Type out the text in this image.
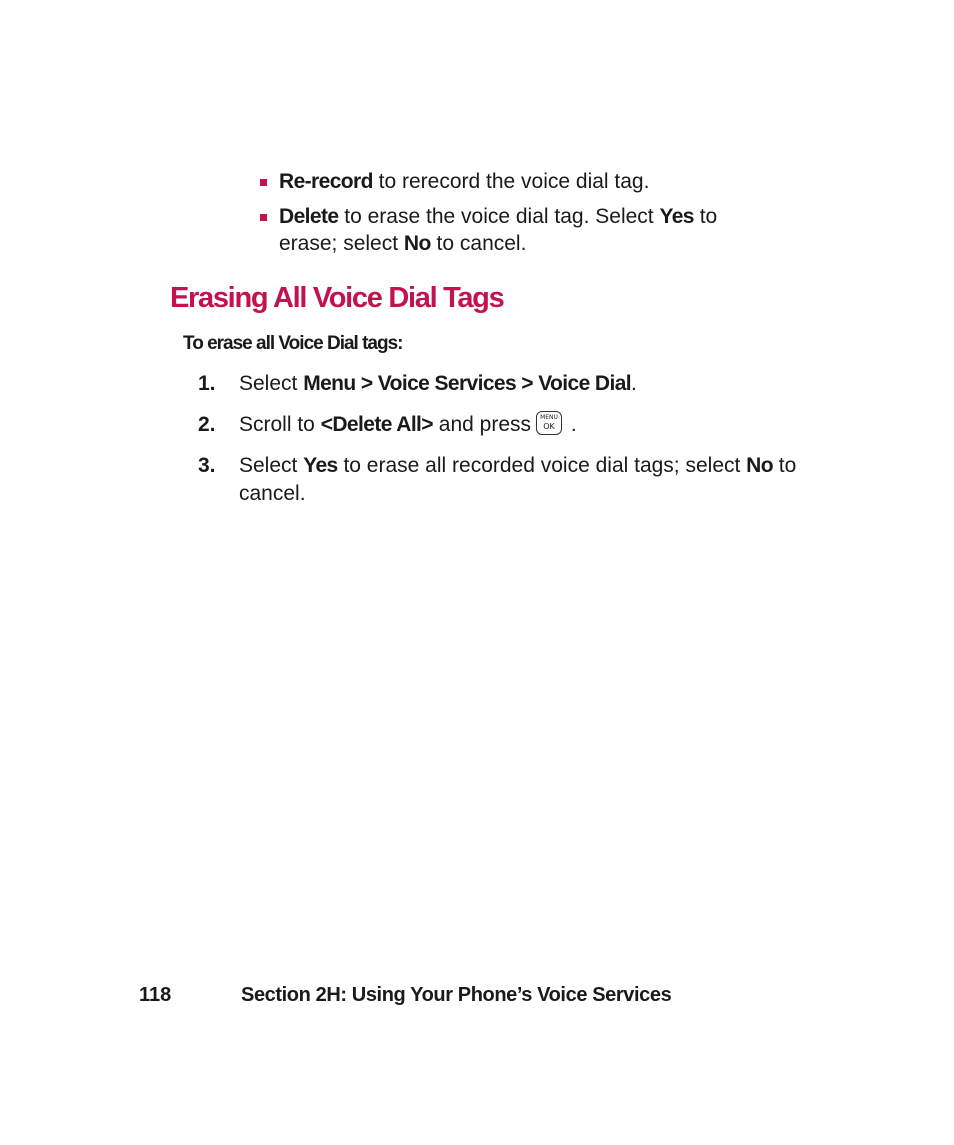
Re-record to rerecord the voice dial tag.
Delete to erase the voice dial tag. Select Yes to erase; select No to cancel.
Erasing All Voice Dial Tags

To erase all Voice Dial tags:

1. Select Menu > Voice Services > Voice Dial.
2. Scroll to <Delete All> and press	MENU
OK .
3. Select Yes to erase all recorded voice dial tags; select No to cancel.
118	Section 2H: Using Your Phone’s Voice Services
